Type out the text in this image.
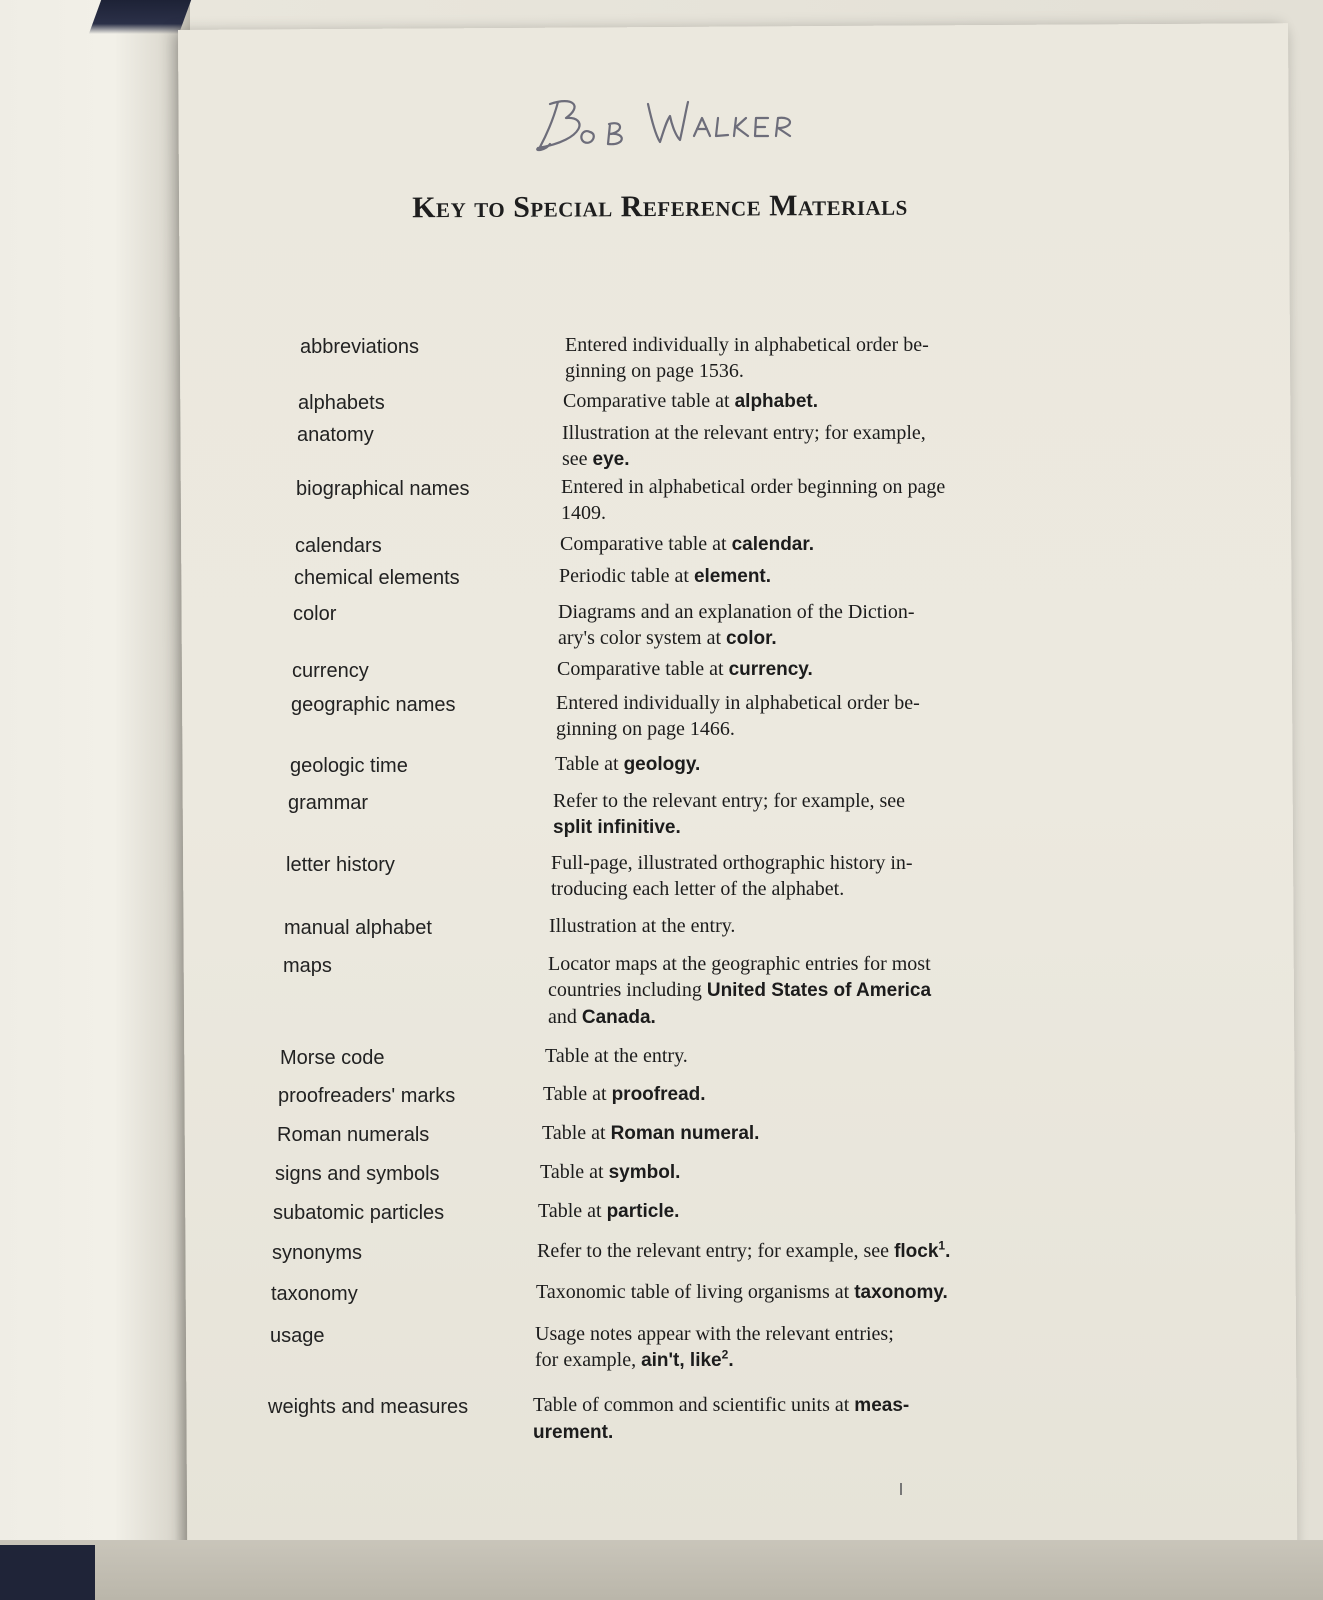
Key to Special Reference Materials
abbreviations	Entered individually in alphabetical order be-
ginning on page 1536.
alphabets	Comparative table at alphabet.
anatomy	Illustration at the relevant entry; for example,
see eye.
biographical names	Entered in alphabetical order beginning on page
1409.
calendars	Comparative table at calendar.
chemical elements	Periodic table at element.
color	Diagrams and an explanation of the Diction-
ary's color system at color.
currency	Comparative table at currency.
geographic names	Entered individually in alphabetical order be-
ginning on page 1466.
geologic time	Table at geology.
grammar	Refer to the relevant entry; for example, see
split infinitive.
letter history	Full-page, illustrated orthographic history in-
troducing each letter of the alphabet.
manual alphabet	Illustration at the entry.
maps	Locator maps at the geographic entries for most
countries including United States of America
and Canada.
Morse code	Table at the entry.
proofreaders' marks	Table at proofread.
Roman numerals	Table at Roman numeral.
signs and symbols	Table at symbol.
subatomic particles	Table at particle.
synonyms	Refer to the relevant entry; for example, see flock$^1$.
taxonomy	Taxonomic table of living organisms at taxonomy.
usage	Usage notes appear with the relevant entries;
for example, ain't, like$^2$.
weights and measures	Table of common and scientific units at meas-
urement.
